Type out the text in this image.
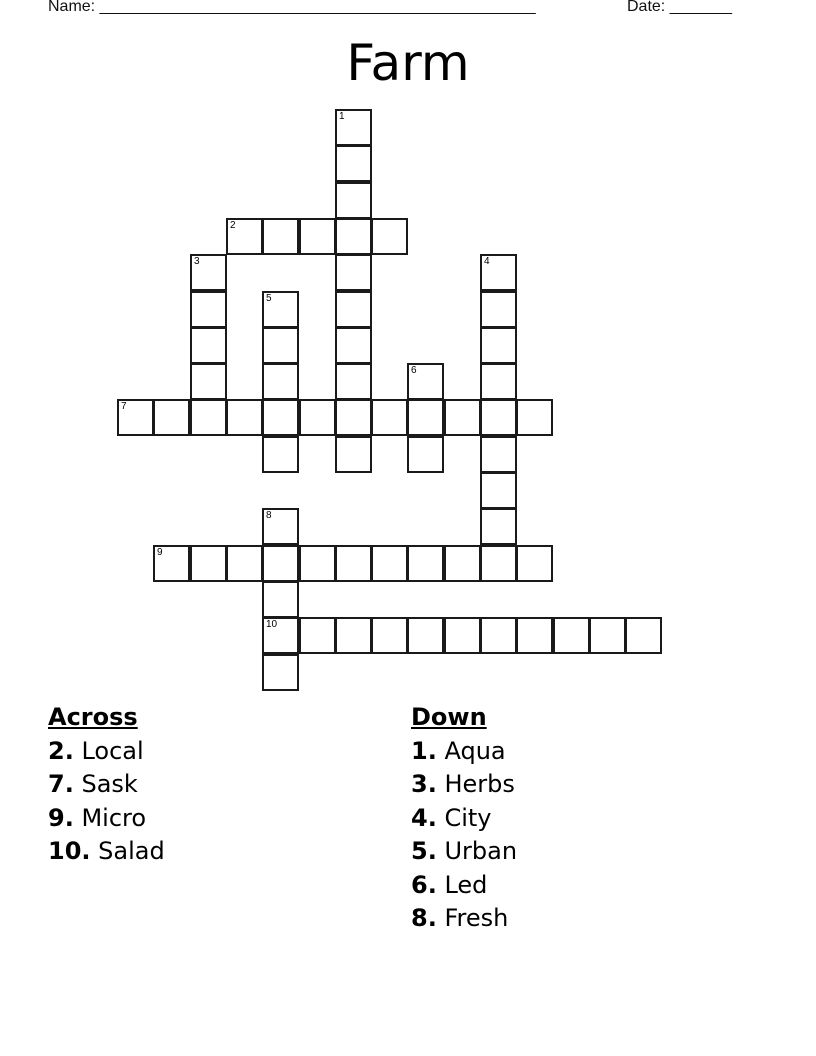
Name: _________________________________________________	Date: _______
Farm
1
2
3	4
5
6
7
8
10
9
Across
2. Local
7. Sask
9. Micro
10. Salad
Down
1. Aqua
3. Herbs
4. City
5. Urban
6. Led
8. Fresh
